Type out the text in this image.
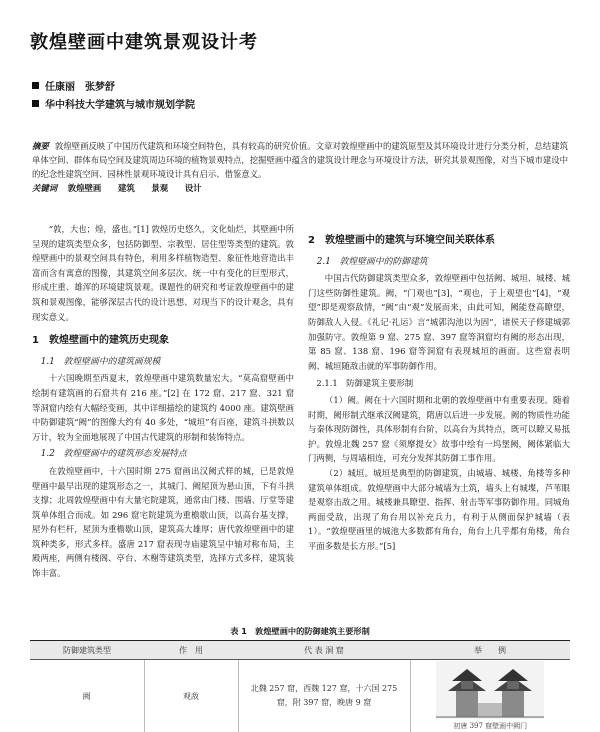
敦煌壁画中建筑景观设计考
任康丽　张梦舒
华中科技大学建筑与城市规划学院
摘要 敦煌壁画反映了中国历代建筑和环境空间特色，具有较高的研究价值。文章对敦煌壁画中的建筑原型及其环境设计进行分类分析，总结建筑单体空间、群体布局空间及建筑周边环境的植物景观特点，挖掘壁画中蕴含的建筑设计理念与环境设计方法，研究其景观图像，对当下城市建设中的纪念性建筑空间、园林性景观环境设计具有启示、借鉴意义。
关键词 敦煌壁画 建筑 景观 设计

“敦，大也；煌，盛也。”[1] 敦煌历史悠久，文化灿烂，其壁画中所呈现的建筑类型众多，包括防御型、宗教型、居住型等类型的建筑。敦煌壁画中的景观空间具有特色，利用多样植物造型、象征性地营造出丰富而含有寓意的图像，其建筑空间多层次、统一中有变化的巨型形式，形成庄重、雄浑的环境建筑景观。课题性的研究和考证敦煌壁画中的建筑和景观图像，能够深层古代的设计思想、对现当下的设计观念，具有现实意义。

1　敦煌壁画中的建筑历史现象
1.1　敦煌壁画中的建筑画规模

十六国晚期至西夏末，敦煌壁画中建筑数量宏大。“莫高窟壁画中绘制有建筑画的石窟共有 216 座。”[2] 在 172 窟、217 窟、321 窟等洞窟内绘有大幅经变画，其中详细描绘的建筑约 4000 座。建筑壁画中防御建筑“阙”的图像大约有 40 多处，“城垣”有百座，建筑斗拱数以万计，较为全面地展现了中国古代建筑的形制和装饰特点。

1.2　敦煌壁画中的建筑形态发展特点

在敦煌壁画中，十六国时期 275 窟画出汉阙式样的城，已是敦煌壁画中最早出现的建筑形态之一，其城门、阙屋顶为悬山顶，下有斗拱支撑；北周敦煌壁画中有大量宅院建筑，通常由门楼、围墙、厅堂等建筑单体组合而成。如 296 窟宅院建筑为重檐歇山顶，以高台基支撑，屋外有栏杆，屋顶为重檐歇山顶，建筑高大雄厚；唐代敦煌壁画中的建筑种类多，形式多样。盛唐 217 窟表现寺庙建筑呈中轴对称布局，主殿两座，两侧有楼阁、亭台、木榭等建筑类型，选择方式多样，建筑装饰丰富。

2　敦煌壁画中的建筑与环境空间关联体系
2.1　敦煌壁画中的防御建筑

中国古代防御建筑类型众多，敦煌壁画中包括阙、城垣、城楼、城门这些防御性建筑。阙，“门观也”[3]，“观也，于上观望也”[4]，“观望”即是观察敌情，“阙”由“观”发展而来，由此可知，阙能登高瞭望，防御敌人入侵。《礼记·礼运》言“城郭沟池以为固”，诸侯天子修建城郭加强防守。敦煌第 9 窟、275 窟、397 窟等洞窟均有阙的形态出现，第 85 窟、138 窟、196 窟等洞窟有表现城垣的画面。这些窟表明阙、城垣随敌击就的军事防御作用。

2.1.1　防御建筑主要形制

（1）阙。阙在十六国时期和北朝的敦煌壁画中有重要表现。随着时期，阙形制式继承汉阙建筑，隋唐以后进一步发展。阙的物质性功能与秦体现防御性，具体形制有台阶，以高台为其特点，既可以瞭又易抵护。敦煌北魏 257 窟《须摩提女》故事中绘有一坞堡阙，阙体紧临大门两侧，与周墙相连，可充分发挥其防御工事作用。

（2）城垣。城垣是典型的防御建筑，由城墙、城楼、角楼等多种建筑单体组成。敦煌壁画中大部分城墙为土筑，墙头上有城堞，芦苇眼是观察击敌之用。城楼兼具瞭望、指挥、射击等军事防御作用。同城角两面受敌，出现了角台用以补充兵力，有利于从侧面保护城墙（表1）。“敦煌壁画里的城池大多数都有角台，角台上几乎都有角楼，角台平面多数是长方形。”[5]

表 1　敦煌壁画中的防御建筑主要形制
防御建筑类型	作　用	代 表 洞 窟	举　　例
阙	观敌	北魏 257 窟，西魏 127 窟，十六国 275 窟，附 397 窟，晚唐 9 窟	初唐 397 窟壁画中阙门
